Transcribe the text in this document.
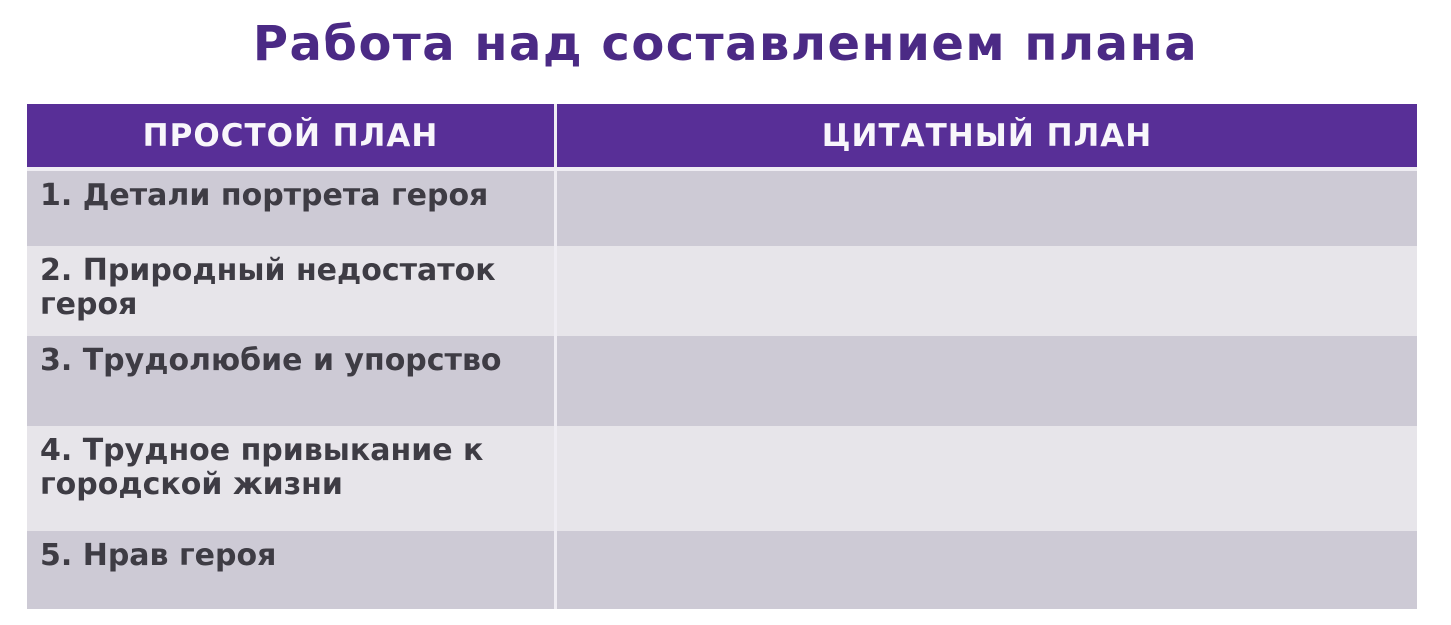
Работа над составлением плана
ПРОСТОЙ ПЛАН	ЦИТАТНЫЙ ПЛАН
1. Детали портрета героя
2. Природный недостаток героя
3. Трудолюбие и упорство
4. Трудное привыкание к городской жизни
5. Нрав героя
